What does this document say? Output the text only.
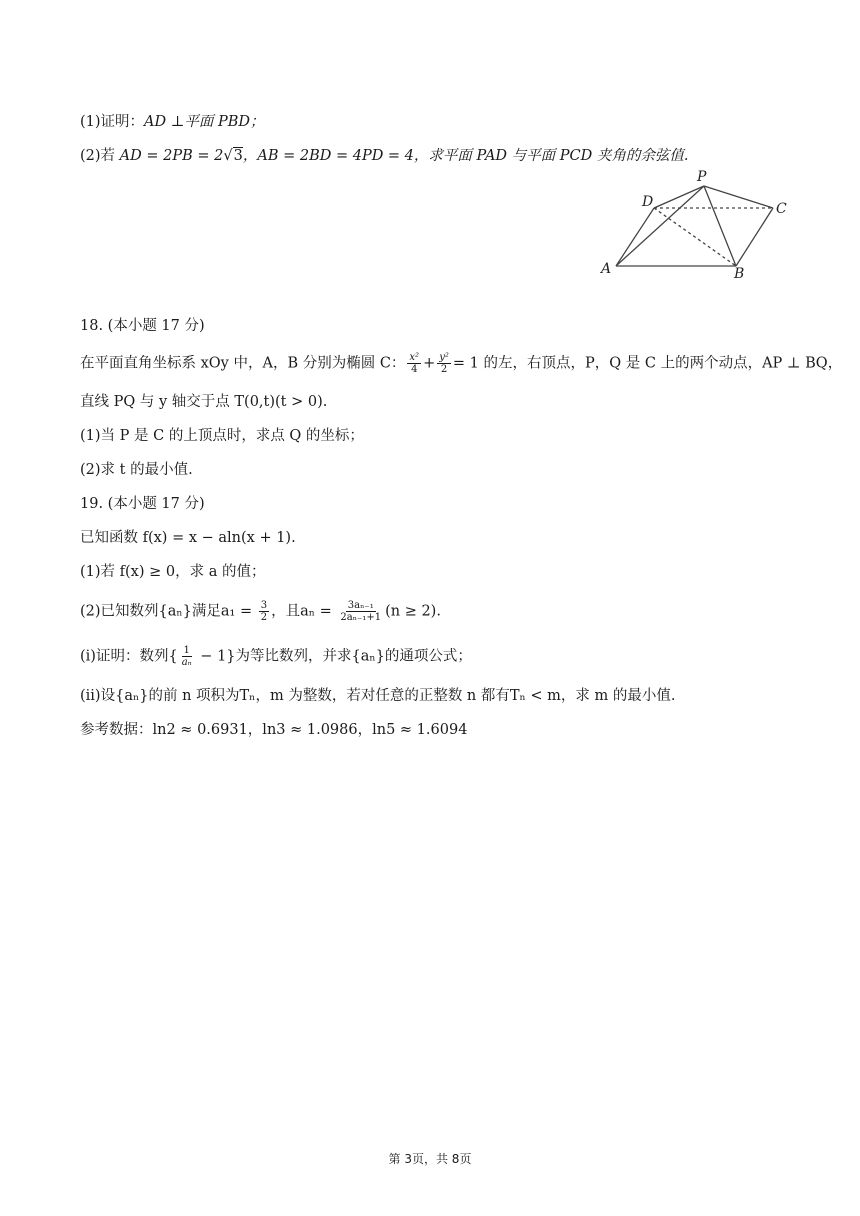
(1)证明：AD ⊥平面 PBD；
(2)若 AD = 2PB = 2√3，AB = 2BD = 4PD = 4，求平面 PAD 与平面 PCD 夹角的余弦值.
P
D	C
A	B
18. (本小题 17 分)
在平面直角坐标系 xOy 中，A，B 分别为椭圆 C： $\frac{\text{x²}}{4} + \frac{\text{y²}}{2} = 1$ 的左，右顶点，P，Q 是 C 上的两个动点，AP ⊥ BQ，
直线 PQ 与 y 轴交于点 T(0,t)(t > 0).
(1)当 P 是 C 的上顶点时，求点 Q 的坐标；
(2)求 t 的最小值.
19. (本小题 17 分)
已知函数 f(x) = x − aln(x + 1).
(1)若 f(x) ≥ 0，求 a 的值；
(2)已知数列{aₙ}满足$a_1 = \frac{3}{2}$ ，且$a_n = \frac{\text{3aₙ₋₁}}{\text{2aₙ₋₁+1}} (n \ge 2)$.
(i)证明：数列{ $\frac{1}{\text{aₙ}} - 1$}为等比数列，并求{aₙ}的通项公式；
(ii)设{aₙ}的前 n 项积为Tₙ，m 为整数，若对任意的正整数 n 都有Tₙ < m，求 m 的最小值.
参考数据：ln2 ≈ 0.6931，ln3 ≈ 1.0986，ln5 ≈ 1.6094
第 3页，共 8页
